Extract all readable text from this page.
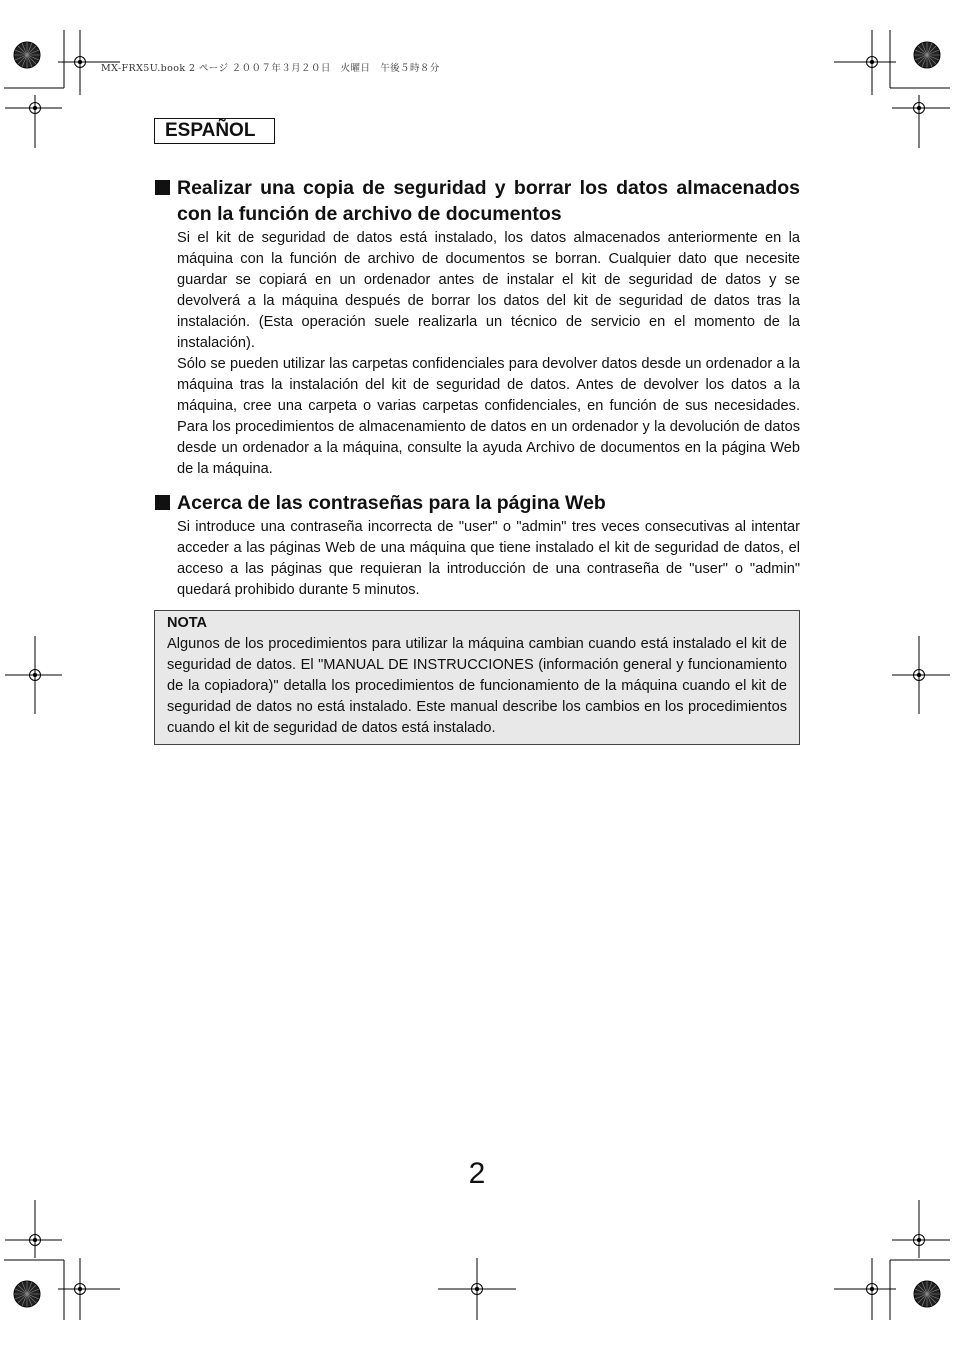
MX-FRX5U.book 2 ページ ２００７年３月２０日　火曜日　午後５時８分
ESPAÑOL
Realizar una copia de seguridad y borrar los datos almacenados con la función de archivo de documentos

Si el kit de seguridad de datos está instalado, los datos almacenados anteriormente en la máquina con la función de archivo de documentos se borran. Cualquier dato que necesite guardar se copiará en un ordenador antes de instalar el kit de seguridad de datos y se devolverá a la máquina después de borrar los datos del kit de seguridad de datos tras la instalación. (Esta operación suele realizarla un técnico de servicio en el momento de la instalación).

Sólo se pueden utilizar las carpetas confidenciales para devolver datos desde un ordenador a la máquina tras la instalación del kit de seguridad de datos. Antes de devolver los datos a la máquina, cree una carpeta o varias carpetas confidenciales, en función de sus necesidades. Para los procedimientos de almacenamiento de datos en un ordenador y la devolución de datos desde un ordenador a la máquina, consulte la ayuda Archivo de documentos en la página Web de la máquina.

Acerca de las contraseñas para la página Web

Si introduce una contraseña incorrecta de "user" o "admin" tres veces consecutivas al intentar acceder a las páginas Web de una máquina que tiene instalado el kit de seguridad de datos, el acceso a las páginas que requieran la introducción de una contraseña de "user" o "admin" quedará prohibido durante 5 minutos.

NOTA
Algunos de los procedimientos para utilizar la máquina cambian cuando está instalado el kit de seguridad de datos. El "MANUAL DE INSTRUCCIONES (información general y funcionamiento de la copiadora)" detalla los procedimientos de funcionamiento de la máquina cuando el kit de seguridad de datos no está instalado. Este manual describe los cambios en los procedimientos cuando el kit de seguridad de datos está instalado.
2
